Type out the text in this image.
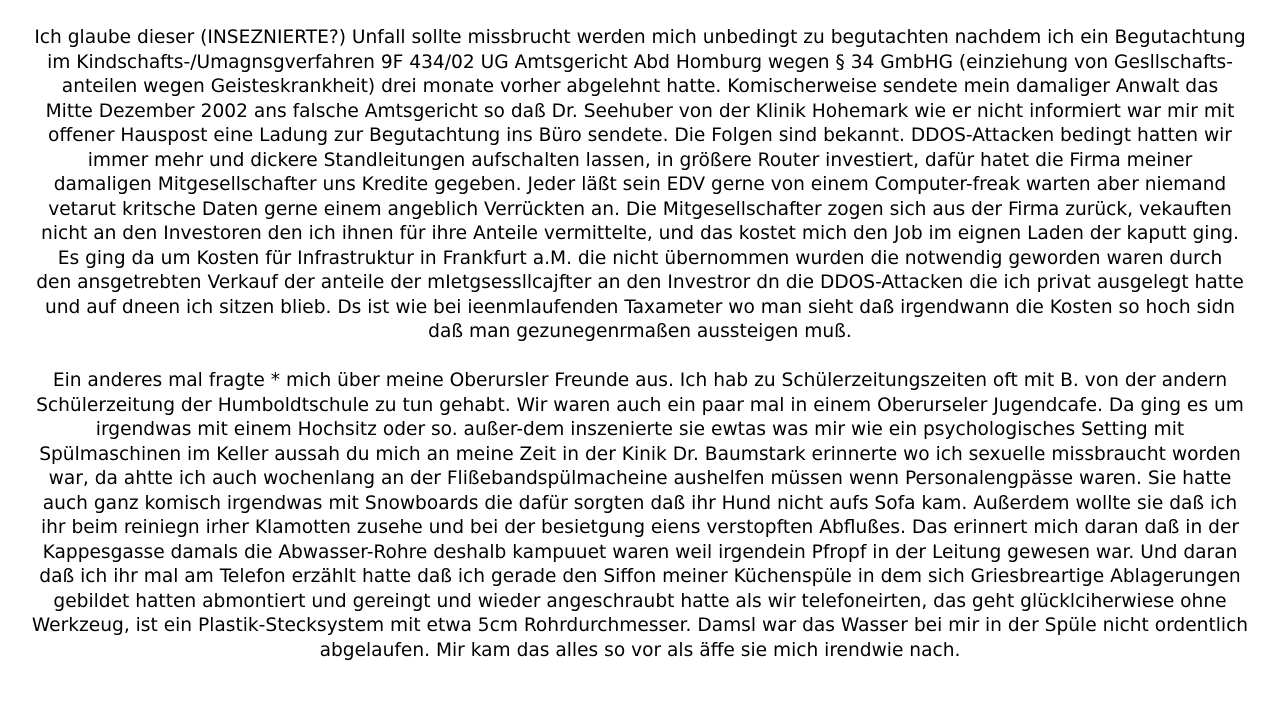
Ich glaube dieser (INSEZNIERTE?) Unfall sollte missbrucht werden mich unbedingt zu begutachten nachdem ich ein Begutachtung
im Kindschafts-/Umagnsgverfahren 9F 434/02 UG Amtsgericht Abd Homburg wegen § 34 GmbHG (einziehung von Gesllschafts-
anteilen wegen Geisteskrankheit) drei monate vorher abgelehnt hatte. Komischerweise sendete mein damaliger Anwalt das
Mitte Dezember 2002 ans falsche Amtsgericht so daß Dr. Seehuber von der Klinik Hohemark wie er nicht informiert war mir mit
offener Hauspost eine Ladung zur Begutachtung ins Büro sendete. Die Folgen sind bekannt. DDOS-Attacken bedingt hatten wir
immer mehr und dickere Standleitungen aufschalten lassen, in größere Router investiert, dafür hatet die Firma meiner
damaligen Mitgesellschafter uns Kredite gegeben. Jeder läßt sein EDV gerne von einem Computer-freak warten aber niemand
vetarut kritsche Daten gerne einem angeblich Verrückten an. Die Mitgesellschafter zogen sich aus der Firma zurück, vekauften
nicht an den Investoren den ich ihnen für ihre Anteile vermittelte, und das kostet mich den Job im eignen Laden der kaputt ging.
Es ging da um Kosten für Infrastruktur in Frankfurt a.M. die nicht übernommen wurden die notwendig geworden waren durch
den ansgetrebten Verkauf der anteile der mIetgsessllcajfter an den Investror dn die DDOS-Attacken die ich privat ausgelegt hatte
und auf dneen ich sitzen blieb. Ds ist wie bei ieenmlaufenden Taxameter wo man sieht daß irgendwann die Kosten so hoch sidn
daß man gezunegenrmaßen aussteigen muß.
Ein anderes mal fragte * mich über meine Oberursler Freunde aus. Ich hab zu Schülerzeitungszeiten oft mit B. von der andern
Schülerzeitung der Humboldtschule zu tun gehabt. Wir waren auch ein paar mal in einem Oberurseler Jugendcafe. Da ging es um
irgendwas mit einem Hochsitz oder so. außer-dem inszenierte sie ewtas was mir wie ein psychologisches Setting mit
Spülmaschinen im Keller aussah du mich an meine Zeit in der Kinik Dr. Baumstark erinnerte wo ich sexuelle missbraucht worden
war, da ahtte ich auch wochenlang an der Flißebandspülmacheine aushelfen müssen wenn Personalengpässe waren. Sie hatte
auch ganz komisch irgendwas mit Snowboards die dafür sorgten daß ihr Hund nicht aufs Sofa kam. Außerdem wollte sie daß ich
ihr beim reiniegn irher Klamotten zusehe und bei der besietgung eiens verstopften Abflußes. Das erinnert mich daran daß in der
Kappesgasse damals die Abwasser-Rohre deshalb kampuuet waren weil irgendein Pfropf in der Leitung gewesen war. Und daran
daß ich ihr mal am Telefon erzählt hatte daß ich gerade den Siffon meiner Küchenspüle in dem sich Griesbreartige Ablagerungen
gebildet hatten abmontiert und gereingt und wieder angeschraubt hatte als wir telefoneirten, das geht glücklciherwiese ohne
Werkzeug, ist ein Plastik-Stecksystem mit etwa 5cm Rohrdurchmesser. Damsl war das Wasser bei mir in der Spüle nicht ordentlich
abgelaufen. Mir kam das alles so vor als äffe sie mich irendwie nach.
